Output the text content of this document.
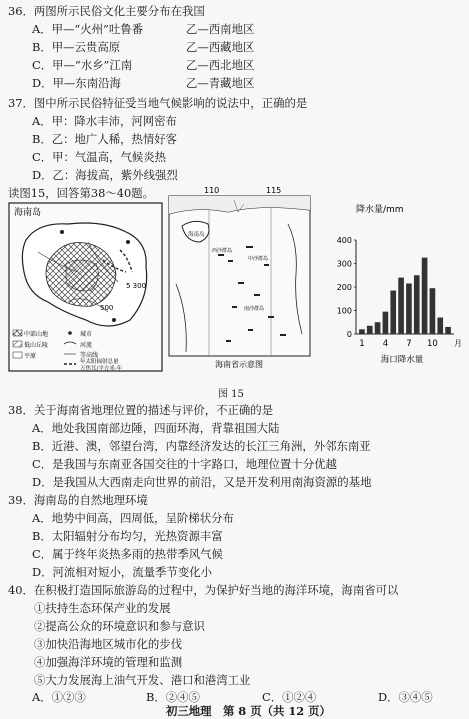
36．两图所示民俗文化主要分布在我国
A．甲—“火州”吐鲁番	乙—西南地区
B．甲—云贵高原	乙—西藏地区
C．甲—“水乡”江南	乙—西北地区
D．甲—东南沿海	乙—青藏地区
37．图中所示民俗特征受当地气候影响的说法中，正确的是
A．甲：降水丰沛，河网密布
B．乙：地广人稀，热情好客
C．甲：气温高，气候炎热
D．乙：海拔高，紫外线强烈
读图15，回答第38～40题。
海南岛
5 300
500
中部山地
低山丘陵
平原
城市
河流
等高线
年太阳辐射总量
万焦耳/平方米·年
110	115
海南岛
西沙群岛
中沙群岛
南沙群岛
海南省示意图
降水量/mm
400
300
200
100
0
1 4 7 10 月
海口降水量
图 15
38．关于海南省地理位置的描述与评价，不正确的是
A．地处我国南部边陲，四面环海，背靠祖国大陆
B．近港、澳，邻望台湾，内靠经济发达的长江三角洲，外邻东南亚
C．是我国与东南亚各国交往的十字路口，地理位置十分优越
D．是我国从大西南走向世界的前沿，又是开发利用南海资源的基地
39．海南岛的自然地理环境
A．地势中间高，四周低，呈阶梯状分布
B．太阳辐射分布均匀，光热资源丰富
C．属于终年炎热多雨的热带季风气候
D．河流相对短小，流量季节变化小
40．在积极打造国际旅游岛的过程中，为保护好当地的海洋环境，海南省可以
①扶持生态环保产业的发展
②提高公众的环境意识和参与意识
③加快沿海地区城市化的步伐
④加强海洋环境的管理和监测
⑤大力发展海上油气开发、港口和港湾工业
A．①②③	B．②④⑤	C．①②④	D．③④⑤
初三地理　第 8 页（共 12 页）
